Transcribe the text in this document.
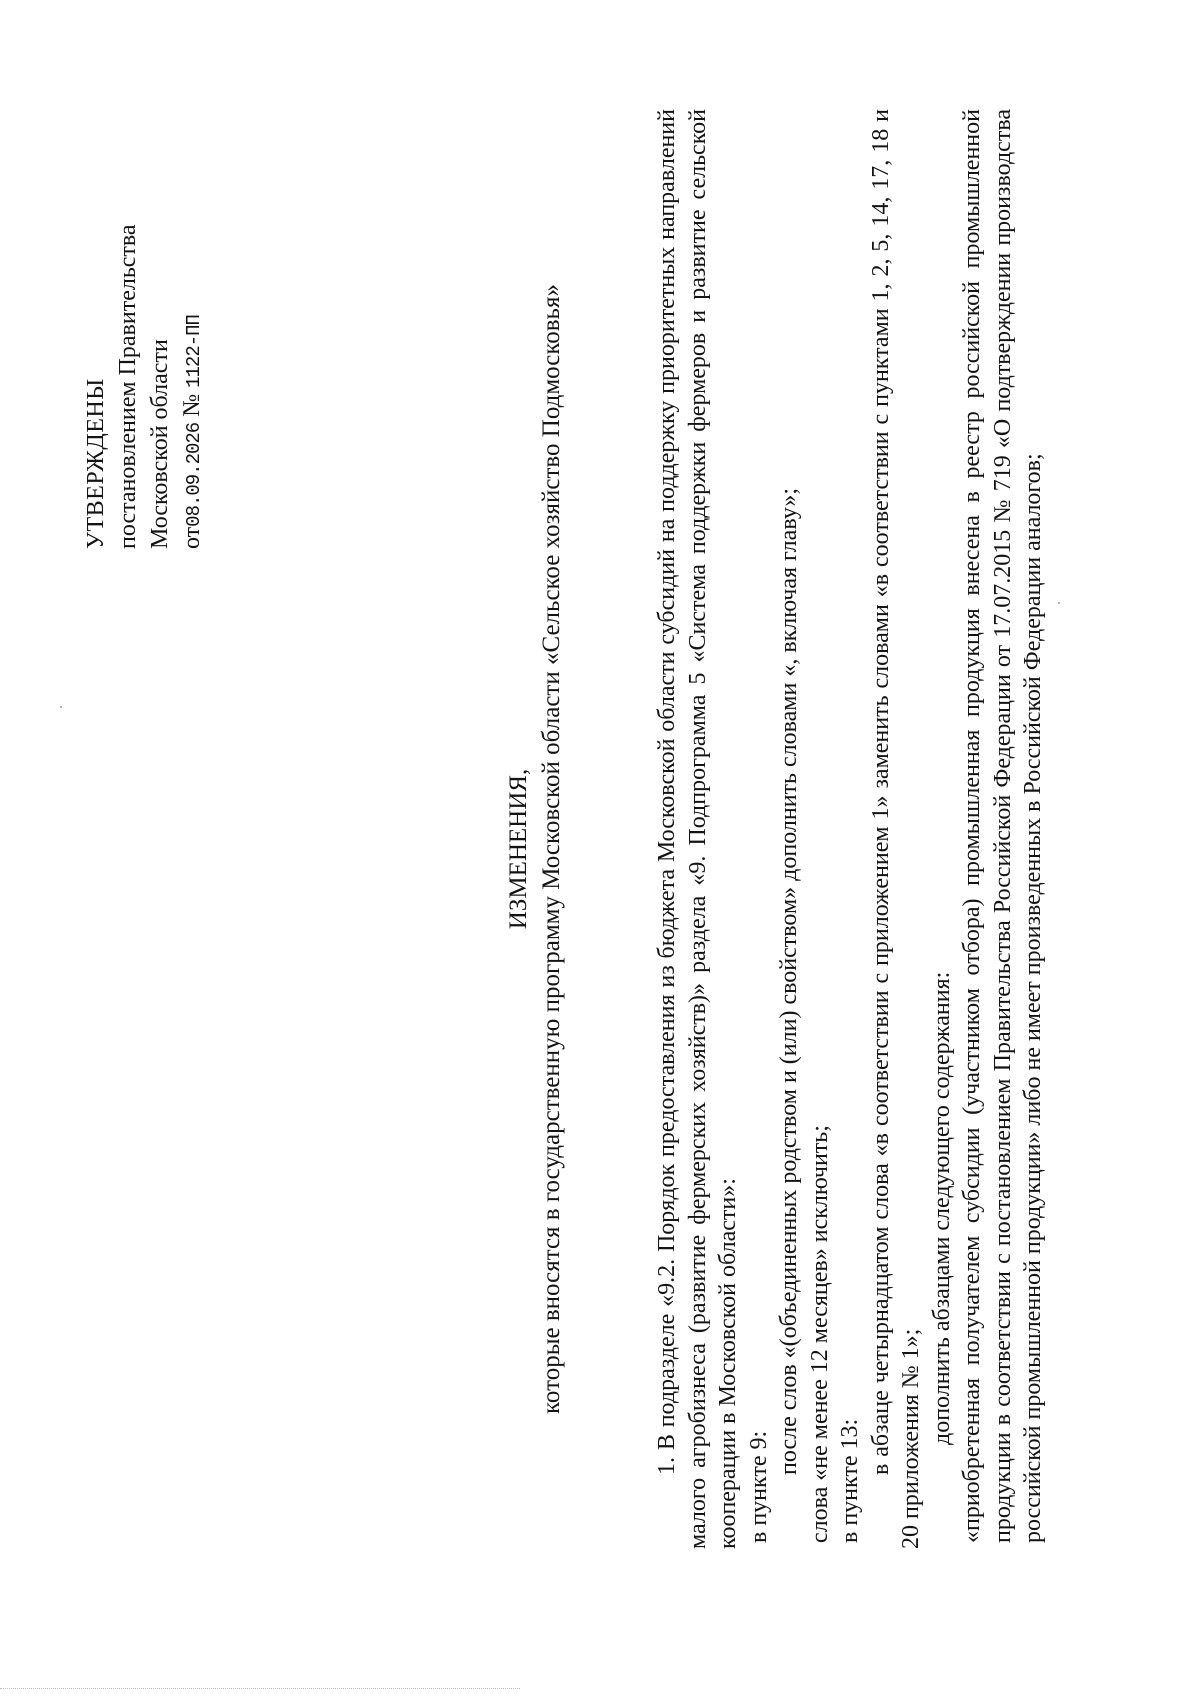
УТВЕРЖДЕНЫ постановлением Правительства Московской области от08.09.2026 № 1122-ПП
ИЗМЕНЕНИЯ, которые вносятся в государственную программу Московской области «Сельское хозяйство Подмосковья»	1. В подразделе «9.2. Порядок предоставления из бюджета Московской области субсидий на поддержку приоритетных направлений малого агробизнеса (развитие фермерских хозяйств)» раздела «9. Подпрограмма 5 «Система поддержки фермеров и развитие сельской кооперации в Московской области»: в пункте 9:

после слов «(объединенных родством и (или) свойством» дополнить словами «, включая главу»; слова «не менее 12 месяцев» исключить; в пункте 13:

в абзаце четырнадцатом слова «в соответствии с приложением 1» заменить словами «в соответствии с пунктами 1, 2, 5, 14, 17, 18 и 20 приложения № 1»; дополнить абзацами следующего содержания: «приобретенная получателем субсидии (участником отбора) промышленная продукция внесена в реестр российской промышленной продукции в соответствии с постановлением Правительства Российской Федерации от 17.07.2015 № 719 «О подтверждении производства российской промышленной продукции» либо не имеет произведенных в Российской Федерации аналогов;
